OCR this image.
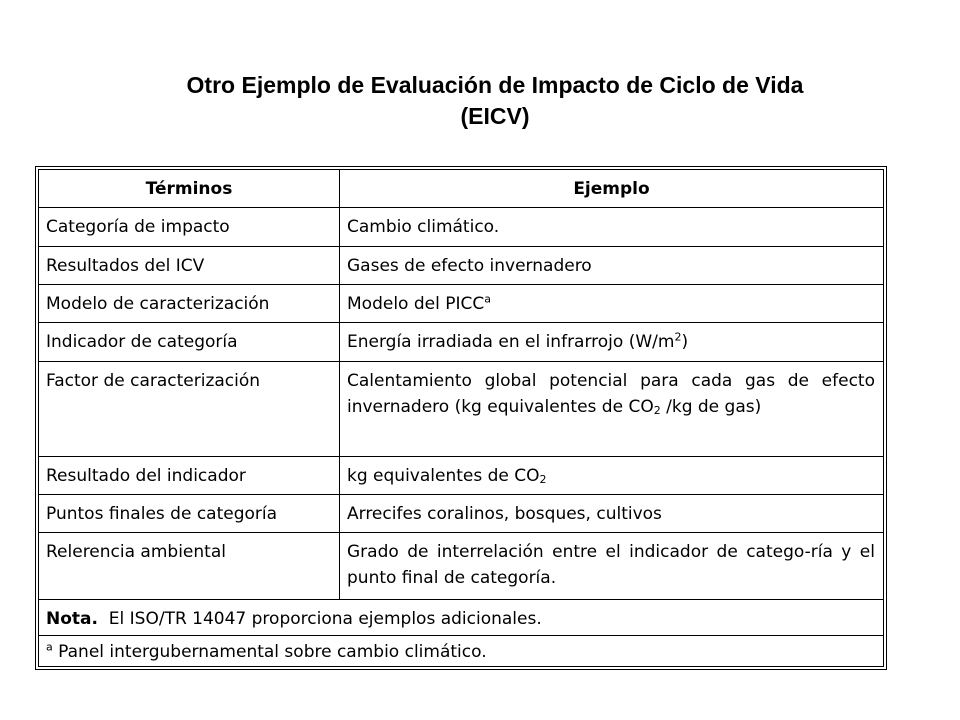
Otro Ejemplo de Evaluación de Impacto de Ciclo de Vida
(EICV)
Términos	Ejemplo
Categoría de impacto	Cambio climático.
Resultados del ICV	Gases de efecto invernadero
Modelo de caracterización	Modelo del PICC$^a$
Indicador de categoría	Energía irradiada en el infrarrojo $(W/m^2)$
Factor de caracterización	Calentamiento global potencial para cada gas de efecto invernadero (kg equivalentes de $CO_2$ /kg de gas)
Resultado del indicador	kg equivalentes de $CO_2$
Puntos finales de categoría	Arrecifes coralinos, bosques, cultivos
Relerencia ambiental	Grado de interrelación entre el indicador de catego-ría y el punto final de categoría.
Nota. El ISO/TR 14047 proporciona ejemplos adicionales.
$^a$ Panel intergubernamental sobre cambio climático.
